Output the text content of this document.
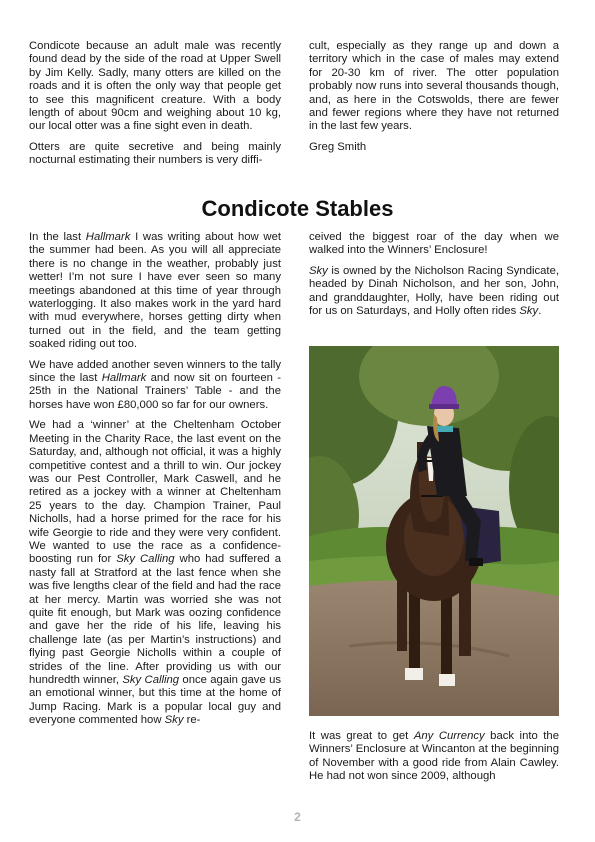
Condicote because an adult male was recently found dead by the side of the road at Upper Swell by Jim Kelly. Sadly, many otters are killed on the roads and it is often the only way that people get to see this magnificent creature. With a body length of about 90cm and weighing about 10 kg, our local otter was a fine sight even in death.

Otters are quite secretive and being mainly nocturnal estimating their numbers is very diffi-

cult, especially as they range up and down a territory which in the case of males may extend for 20-30 km of river. The otter population probably now runs into several thousands though, and, as here in the Cotswolds, there are fewer and fewer regions where they have not returned in the last few years.

Greg Smith

Condicote Stables

In the last Hallmark I was writing about how wet the summer had been. As you will all appreciate there is no change in the weather, probably just wetter! I’m not sure I have ever seen so many meetings abandoned at this time of year through waterlogging. It also makes work in the yard hard with mud everywhere, horses getting dirty when turned out in the field, and the team getting soaked riding out too.

We have added another seven winners to the tally since the last Hallmark and now sit on fourteen - 25th in the National Trainers’ Table - and the horses have won £80,000 so far for our owners.

We had a ‘winner’ at the Cheltenham October Meeting in the Charity Race, the last event on the Saturday, and, although not official, it was a highly competitive contest and a thrill to win. Our jockey was our Pest Controller, Mark Caswell, and he retired as a jockey with a winner at Cheltenham 25 years to the day. Champion Trainer, Paul Nicholls, had a horse primed for the race for his wife Georgie to ride and they were very confident. We wanted to use the race as a confidence-boosting run for Sky Calling who had suffered a nasty fall at Stratford at the last fence when she was five lengths clear of the field and had the race at her mercy. Martin was worried she was not quite fit enough, but Mark was oozing confidence and gave her the ride of his life, leaving his challenge late (as per Martin’s instructions) and flying past Georgie Nicholls within a couple of strides of the line. After providing us with our hundredth winner, Sky Calling once again gave us an emotional winner, but this time at the home of Jump Racing. Mark is a popular local guy and everyone commented how Sky re-

ceived the biggest roar of the day when we walked into the Winners’ Enclosure!

Sky is owned by the Nicholson Racing Syndicate, headed by Dinah Nicholson, and her son, John, and granddaughter, Holly, have been riding out for us on Saturdays, and Holly often rides Sky.

It was great to get Any Currency back into the Winners’ Enclosure at Wincanton at the beginning of November with a good ride from Alain Cawley. He had not won since 2009, although

2
